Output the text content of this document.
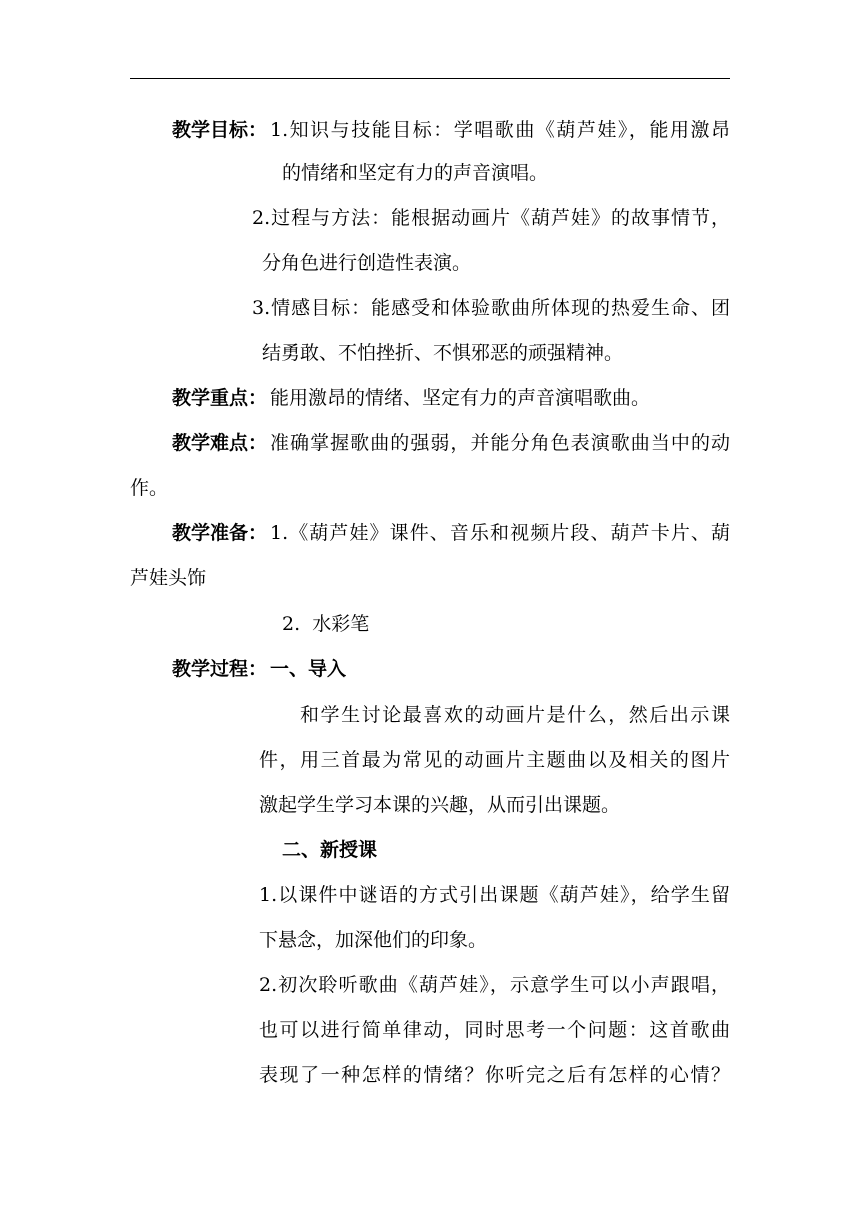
教学目标： 1.知识与技能目标：学唱歌曲《葫芦娃》，能用激昂
的情绪和坚定有力的声音演唱。
2.过程与方法：能根据动画片《葫芦娃》的故事情节，
分角色进行创造性表演。
3.情感目标：能感受和体验歌曲所体现的热爱生命、团
结勇敢、不怕挫折、不惧邪恶的顽强精神。
教学重点： 能用激昂的情绪、坚定有力的声音演唱歌曲。
教学难点： 准确掌握歌曲的强弱，并能分角色表演歌曲当中的动
作。
教学准备： 1.《葫芦娃》课件、音乐和视频片段、葫芦卡片、葫
芦娃头饰
2.  水彩笔
教学过程： 一、导入
和学生讨论最喜欢的动画片是什么，然后出示课
件，用三首最为常见的动画片主题曲以及相关的图片
激起学生学习本课的兴趣，从而引出课题。
二、新授课
1.以课件中谜语的方式引出课题《葫芦娃》，给学生留
下悬念，加深他们的印象。
2.初次聆听歌曲《葫芦娃》，示意学生可以小声跟唱，
也可以进行简单律动，同时思考一个问题：这首歌曲
表现了一种怎样的情绪？你听完之后有怎样的心情？
